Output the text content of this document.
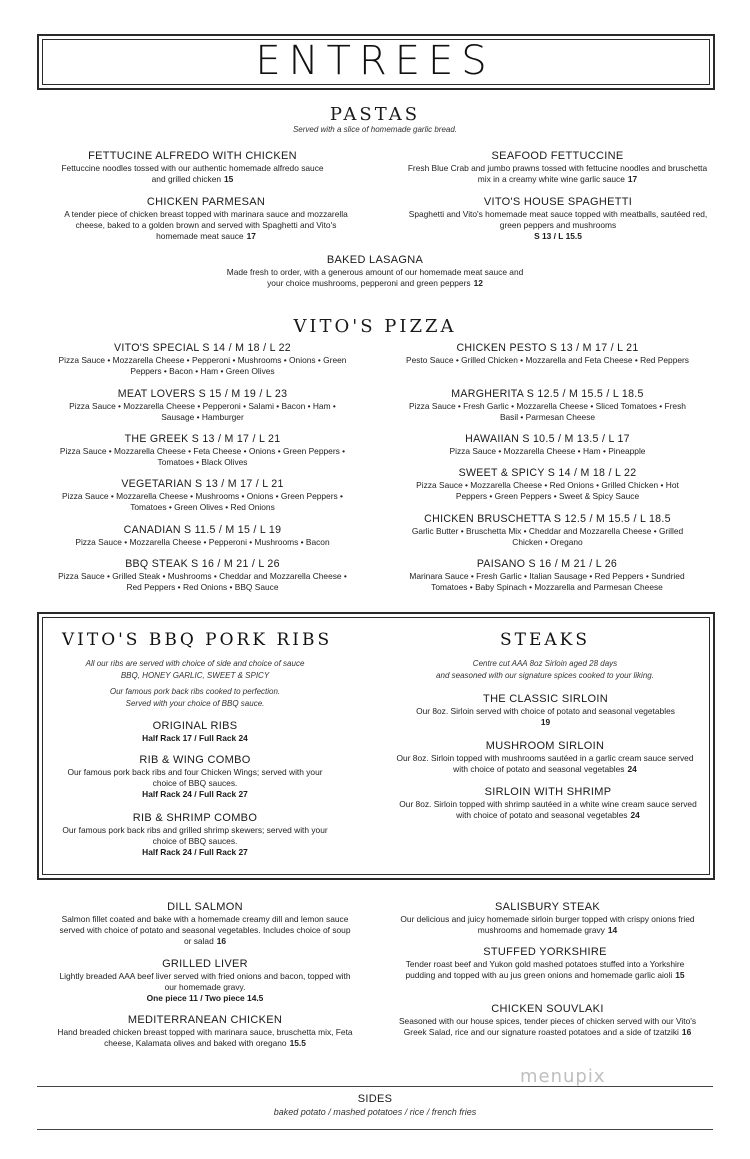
ENTREES
PASTAS
Served with a slice of homemade garlic bread.
FETTUCINE ALFREDO WITH CHICKEN
Fettuccine noodles tossed with our authentic homemade alfredo sauce and grilled chicken 15
SEAFOOD FETTUCCINE
Fresh Blue Crab and jumbo prawns tossed with fettucine noodles and bruschetta mix in a creamy white wine garlic sauce 17
CHICKEN PARMESAN
A tender piece of chicken breast topped with marinara sauce and mozzarella cheese, baked to a golden brown and served with Spaghetti and Vito's homemade meat sauce 17
VITO'S HOUSE SPAGHETTI
Spaghetti and Vito's homemade meat sauce topped with meatballs, sautéed red, green peppers and mushrooms
S 13 / L 15.5
BAKED LASAGNA
Made fresh to order, with a generous amount of our homemade meat sauce and your choice mushrooms, pepperoni and green peppers 12
VITO'S PIZZA
VITO'S SPECIAL S 14 / M 18 / L 22
Pizza Sauce • Mozzarella Cheese • Pepperoni • Mushrooms • Onions • Green Peppers • Bacon • Ham • Green Olives
CHICKEN PESTO S 13 / M 17 / L 21
Pesto Sauce • Grilled Chicken • Mozzarella and Feta Cheese • Red Peppers
MEAT LOVERS S 15 / M 19 / L 23
Pizza Sauce • Mozzarella Cheese • Pepperoni • Salami • Bacon • Ham • Sausage • Hamburger
MARGHERITA S 12.5 / M 15.5 / L 18.5
Pizza Sauce • Fresh Garlic • Mozzarella Cheese • Sliced Tomatoes • Fresh Basil • Parmesan Cheese
THE GREEK S 13 / M 17 / L 21
Pizza Sauce • Mozzarella Cheese • Feta Cheese • Onions • Green Peppers • Tomatoes • Black Olives
HAWAIIAN S 10.5 / M 13.5 / L 17
Pizza Sauce • Mozzarella Cheese • Ham • Pineapple
VEGETARIAN S 13 / M 17 / L 21
Pizza Sauce • Mozzarella Cheese • Mushrooms • Onions • Green Peppers • Tomatoes • Green Olives • Red Onions
SWEET & SPICY S 14 / M 18 / L 22
Pizza Sauce • Mozzarella Cheese • Red Onions • Grilled Chicken • Hot Peppers • Green Peppers • Sweet & Spicy Sauce
CANADIAN S 11.5 / M 15 / L 19
Pizza Sauce • Mozzarella Cheese • Pepperoni • Mushrooms • Bacon
CHICKEN BRUSCHETTA S 12.5 / M 15.5 / L 18.5
Garlic Butter • Bruschetta Mix • Cheddar and Mozzarella Cheese • Grilled Chicken • Oregano
BBQ STEAK S 16 / M 21 / L 26
Pizza Sauce • Grilled Steak • Mushrooms • Cheddar and Mozzarella Cheese • Red Peppers • Red Onions • BBQ Sauce
PAISANO S 16 / M 21 / L 26
Marinara Sauce • Fresh Garlic • Italian Sausage • Red Peppers • Sundried Tomatoes • Baby Spinach • Mozzarella and Parmesan Cheese
VITO'S BBQ PORK RIBS
All our ribs are served with choice of side and choice of sauce
BBQ, HONEY GARLIC, SWEET & SPICY
Our famous pork back ribs cooked to perfection.
Served with your choice of BBQ sauce.
ORIGINAL RIBS
Half Rack 17 / Full Rack 24
RIB & WING COMBO
Our famous pork back ribs and four Chicken Wings; served with your choice of BBQ sauces.
Half Rack 24 / Full Rack 27
RIB & SHRIMP COMBO
Our famous pork back ribs and grilled shrimp skewers; served with your choice of BBQ sauces.
Half Rack 24 / Full Rack 27
STEAKS
Centre cut AAA 8oz Sirloin aged 28 days
and seasoned with our signature spices cooked to your liking.
THE CLASSIC SIRLOIN
Our 8oz. Sirloin served with choice of potato and seasonal vegetables
19
MUSHROOM SIRLOIN
Our 8oz. Sirloin topped with mushrooms sautéed in a garlic cream sauce served with choice of potato and seasonal vegetables 24
SIRLOIN WITH SHRIMP
Our 8oz. Sirloin topped with shrimp sautéed in a white wine cream sauce served with choice of potato and seasonal vegetables 24
DILL SALMON
Salmon fillet coated and bake with a homemade creamy dill and lemon sauce served with choice of potato and seasonal vegetables. Includes choice of soup or salad 16
SALISBURY STEAK
Our delicious and juicy homemade sirloin burger topped with crispy onions fried mushrooms and homemade gravy 14
GRILLED LIVER
Lightly breaded AAA beef liver served with fried onions and bacon, topped with our homemade gravy.
One piece 11 / Two piece 14.5
STUFFED YORKSHIRE
Tender roast beef and Yukon gold mashed potatoes stuffed into a Yorkshire pudding and topped with au jus green onions and homemade garlic aioli 15
MEDITERRANEAN CHICKEN
Hand breaded chicken breast topped with marinara sauce, bruschetta mix, Feta cheese, Kalamata olives and baked with oregano 15.5
CHICKEN SOUVLAKI
Seasoned with our house spices, tender pieces of chicken served with our Vito's Greek Salad, rice and our signature roasted potatoes and a side of tzatziki 16
menupix
SIDES
baked potato / mashed potatoes / rice / french fries
